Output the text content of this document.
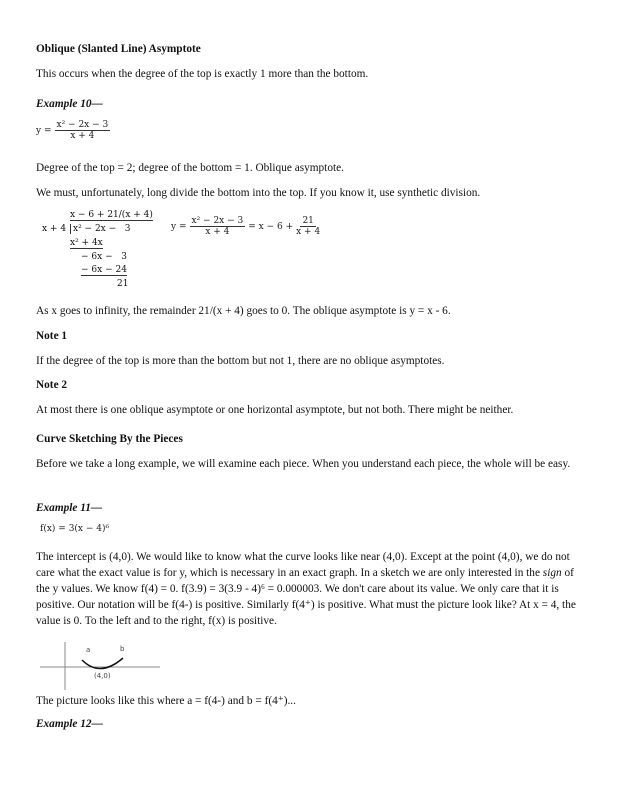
Oblique (Slanted Line) Asymptote
This occurs when the degree of the top is exactly 1 more than the bottom.
Example 10—
$y = \frac{\text{x² − 2x − 3}}{x + 4}$
Degree of the top = 2; degree of the bottom = 1. Oblique asymptote.
We must, unfortunately, long divide the bottom into the top. If you know it, use synthetic division.
x − 6 + 21/(x + 4)
x + 4 x² − 2x −   3
x² + 4x
− 6x −   3
− 6x − 24
21
$y = \frac{\text{x² − 2x − 3}}{x + 4} = x - 6 + \frac{21}{x + 4}$
As x goes to infinity, the remainder 21/(x + 4) goes to 0. The oblique asymptote is y = x - 6.
Note 1
If the degree of the top is more than the bottom but not 1, there are no oblique asymptotes.
Note 2
At most there is one oblique asymptote or one horizontal asymptote, but not both. There might be neither.
Curve Sketching By the Pieces
Before we take a long example, we will examine each piece. When you understand each piece, the whole will be easy.
Example 11—
f(x) = 3(x − 4)⁶
The intercept is (4,0). We would like to know what the curve looks like near (4,0). Except at the point (4,0), we do not care what the exact value is for y, which is necessary in an exact graph. In a sketch we are only interested in the sign of the y values. We know f(4) = 0. f(3.9) = 3(3.9 - 4)⁶ = 0.000003. We don't care about its value. We only care that it is positive. Our notation will be f(4-) is positive. Similarly f(4⁺) is positive. What must the picture look like? At x = 4, the value is 0. To the left and to the right, f(x) is positive.
a	b
(4,0)
The picture looks like this where a = f(4-) and b = f(4⁺)...
Example 12—
